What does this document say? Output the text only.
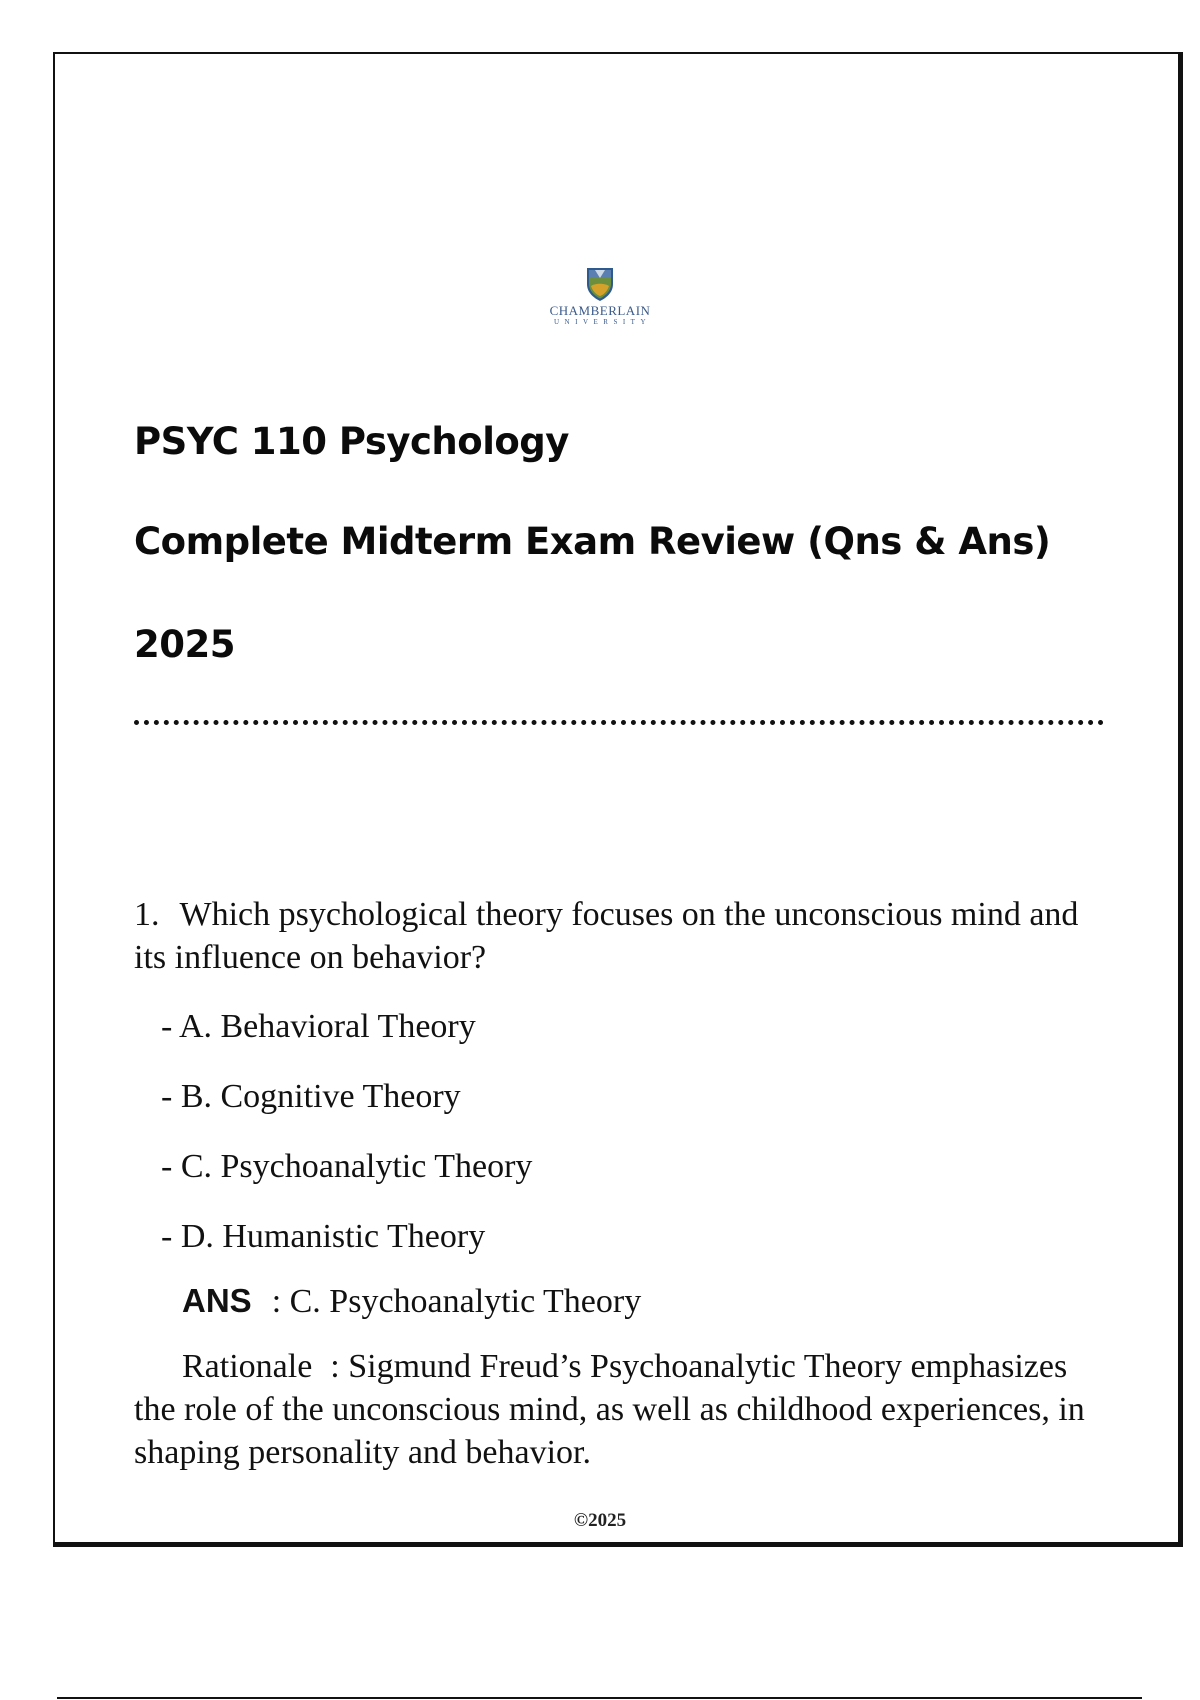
CHAMBERLAIN
UNIVERSITY
PSYC 110 Psychology
Complete Midterm Exam Review (Qns & Ans)
2025

1. Which psychological theory focuses on the unconscious mind and its influence on behavior?

- A. Behavioral Theory
- B. Cognitive Theory
- C. Psychoanalytic Theory
- D. Humanistic Theory

ANS : C. Psychoanalytic Theory

Rationale : Sigmund Freud’s Psychoanalytic Theory emphasizes the role of the unconscious mind, as well as childhood experiences, in shaping personality and behavior.

©2025
